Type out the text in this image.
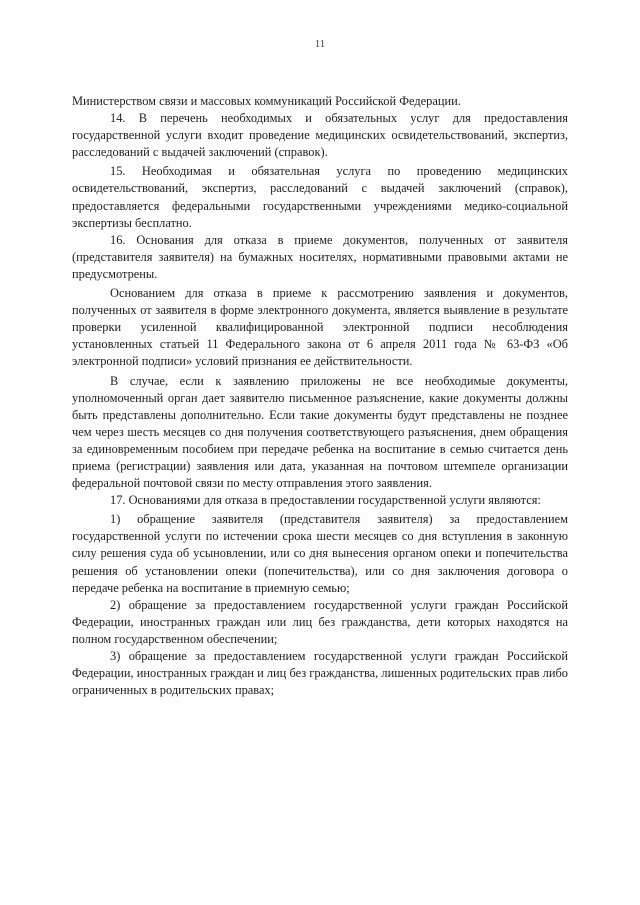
11

Министерством связи и массовых коммуникаций Российской Федерации.

14. В перечень необходимых и обязательных услуг для предоставления государственной услуги входит проведение медицинских освидетельствований, экспертиз, расследований с выдачей заключений (справок).

15. Необходимая и обязательная услуга по проведению медицинских освидетельствований, экспертиз, расследований с выдачей заключений (справок), предоставляется федеральными государственными учреждениями медико-социальной экспертизы бесплатно.

16. Основания для отказа в приеме документов, полученных от заявителя (представителя заявителя) на бумажных носителях, нормативными правовыми актами не предусмотрены.

Основанием для отказа в приеме к рассмотрению заявления и документов, полученных от заявителя в форме электронного документа, является выявление в результате проверки усиленной квалифицированной электронной подписи несоблюдения установленных статьей 11 Федерального закона от 6 апреля 2011 года № 63-ФЗ «Об электронной подписи» условий признания ее действительности.

В случае, если к заявлению приложены не все необходимые документы, уполномоченный орган дает заявителю письменное разъяснение, какие документы должны быть представлены дополнительно. Если такие документы будут представлены не позднее чем через шесть месяцев со дня получения соответствующего разъяснения, днем обращения за единовременным пособием при передаче ребенка на воспитание в семью считается день приема (регистрации) заявления или дата, указанная на почтовом штемпеле организации федеральной почтовой связи по месту отправления этого заявления.

17. Основаниями для отказа в предоставлении государственной услуги являются:

1) обращение заявителя (представителя заявителя) за предоставлением государственной услуги по истечении срока шести месяцев со дня вступления в законную силу решения суда об усыновлении, или со дня вынесения органом опеки и попечительства решения об установлении опеки (попечительства), или со дня заключения договора о передаче ребенка на воспитание в приемную семью;

2) обращение за предоставлением государственной услуги граждан Российской Федерации, иностранных граждан или лиц без гражданства, дети которых находятся на полном государственном обеспечении;

3) обращение за предоставлением государственной услуги граждан Российской Федерации, иностранных граждан и лиц без гражданства, лишенных родительских прав либо ограниченных в родительских правах;
